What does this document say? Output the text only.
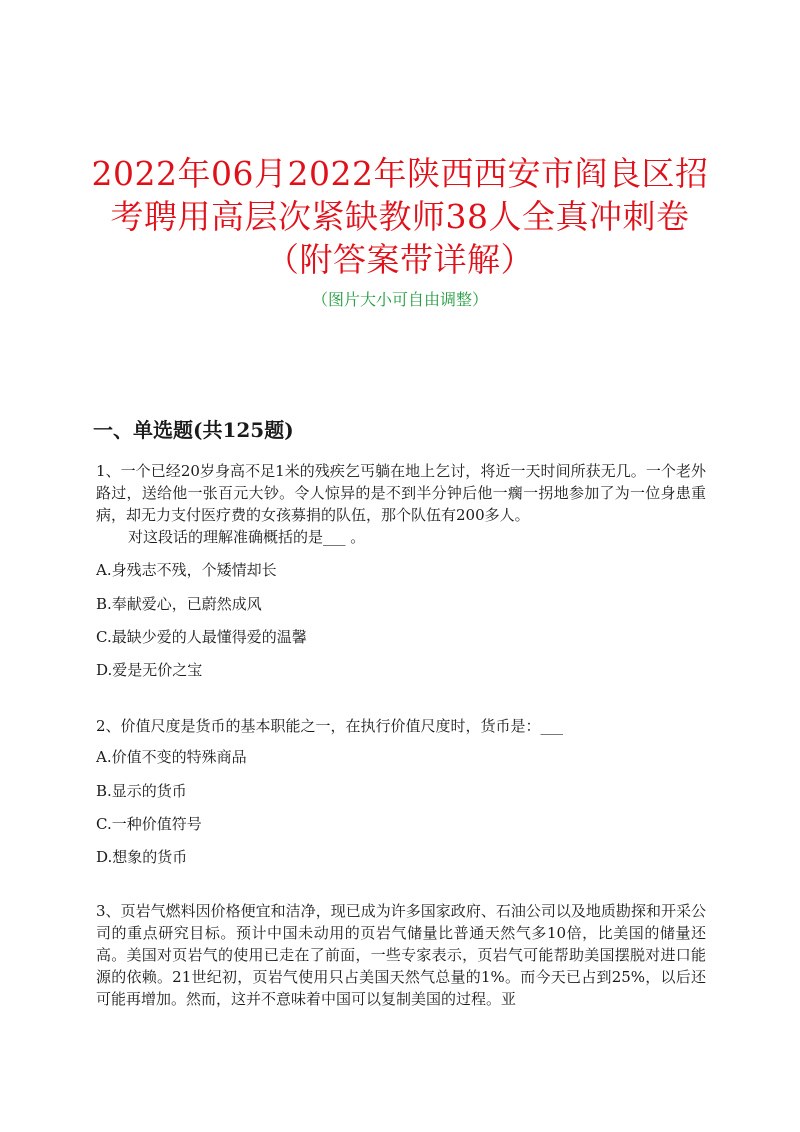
2022年06月2022年陕西西安市阎良区招考聘用高层次紧缺教师38人全真冲刺卷（附答案带详解）
（图片大小可自由调整）
一、单选题(共125题)
1、一个已经20岁身高不足1米的残疾乞丐躺在地上乞讨，将近一天时间所获无几。一个老外路过，送给他一张百元大钞。令人惊异的是不到半分钟后他一瘸一拐地参加了为一位身患重病，却无力支付医疗费的女孩募捐的队伍，那个队伍有200多人。
对这段话的理解准确概括的是___ 。
A.身残志不残，个矮情却长
B.奉献爱心，已蔚然成风
C.最缺少爱的人最懂得爱的温馨
D.爱是无价之宝
2、价值尺度是货币的基本职能之一，在执行价值尺度时，货币是：___
A.价值不变的特殊商品
B.显示的货币
C.一种价值符号
D.想象的货币
3、页岩气燃料因价格便宜和洁净，现已成为许多国家政府、石油公司以及地质勘探和开采公司的重点研究目标。预计中国未动用的页岩气储量比普通天然气多10倍，比美国的储量还高。美国对页岩气的使用已走在了前面，一些专家表示，页岩气可能帮助美国摆脱对进口能源的依赖。21世纪初，页岩气使用只占美国天然气总量的1%。而今天已占到25%，以后还可能再增加。然而，这并不意味着中国可以复制美国的过程。亚
